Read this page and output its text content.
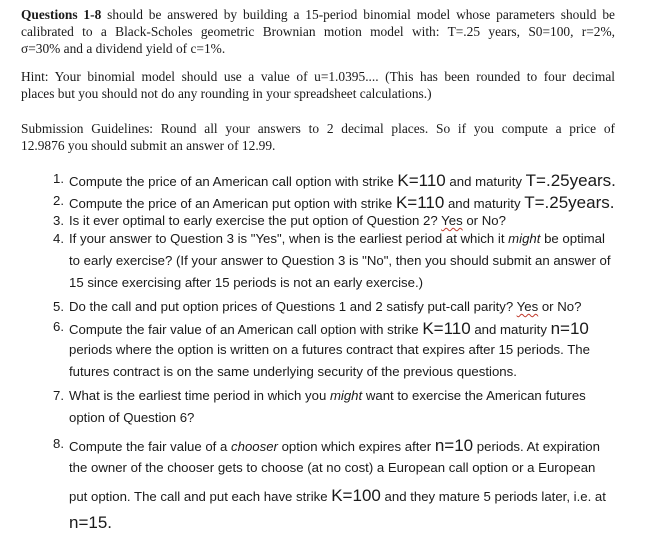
Questions 1-8 should be answered by building a 15-period binomial model whose parameters should be
calibrated to a Black-Scholes geometric Brownian motion model with: T=.25 years, S0=100, r=2%,
σ=30% and a dividend yield of c=1%.
Hint: Your binomial model should use a value of u=1.0395.... (This has been rounded to four decimal
places but you should not do any rounding in your spreadsheet calculations.)
Submission Guidelines: Round all your answers to 2 decimal places. So if you compute a price of
12.9876 you should submit an answer of 12.99.
1. Compute the price of an American call option with strike K=110 and maturity T=.25years.
2. Compute the price of an American put option with strike K=110 and maturity T=.25years.
3. Is it ever optimal to early exercise the put option of Question 2? Yes or No?
4. If your answer to Question 3 is "Yes", when is the earliest period at which it might be optimal
to early exercise? (If your answer to Question 3 is "No", then you should submit an answer of
15 since exercising after 15 periods is not an early exercise.)
5. Do the call and put option prices of Questions 1 and 2 satisfy put-call parity? Yes or No?
6. Compute the fair value of an American call option with strike K=110 and maturity n=10
periods where the option is written on a futures contract that expires after 15 periods. The
futures contract is on the same underlying security of the previous questions.
7. What is the earliest time period in which you might want to exercise the American futures
option of Question 6?
8. Compute the fair value of a chooser option which expires after n=10 periods. At expiration
the owner of the chooser gets to choose (at no cost) a European call option or a European
put option. The call and put each have strike K=100 and they mature 5 periods later, i.e. at
n=15.
